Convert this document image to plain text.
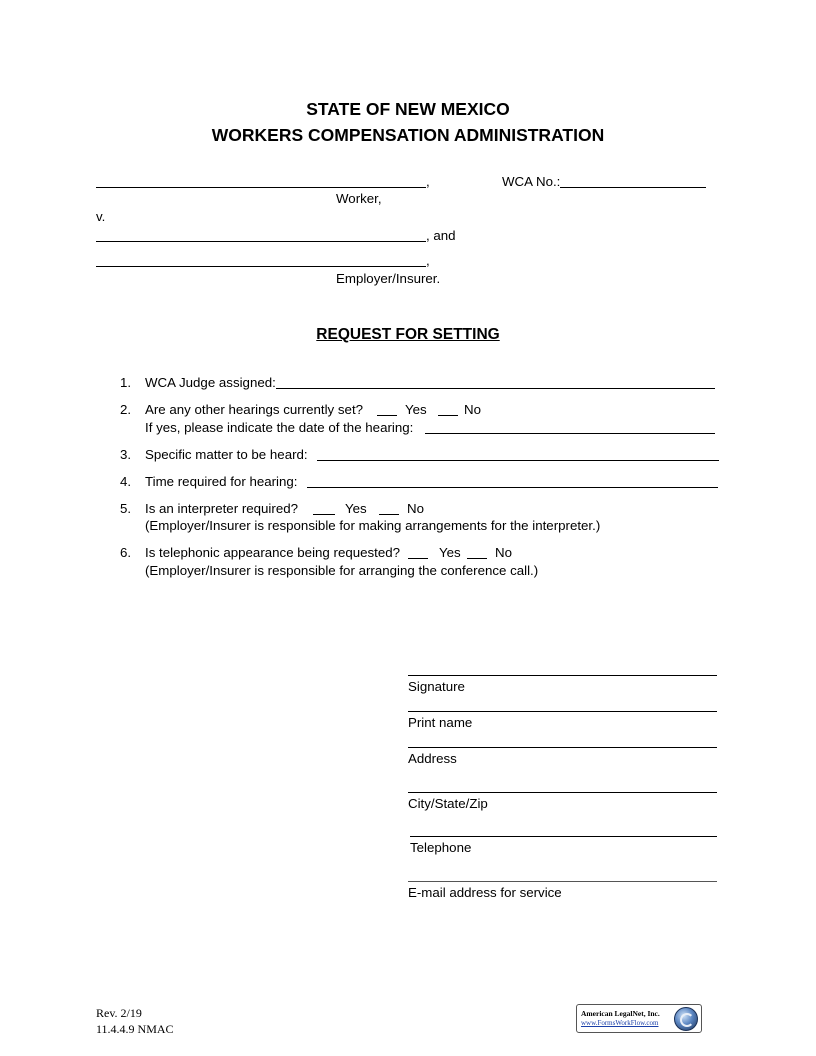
STATE OF NEW MEXICO
WORKERS COMPENSATION ADMINISTRATION
,	WCA No.:
Worker,
v.
, and
,
Employer/Insurer.
REQUEST FOR SETTING
1. WCA Judge assigned:
2. Are any other hearings currently set?	Yes	No
If yes, please indicate the date of the hearing:
3. Specific matter to be heard:
4. Time required for hearing:
5. Is an interpreter required?	Yes	No
(Employer/Insurer is responsible for making arrangements for the interpreter.)
6. Is telephonic appearance being requested?	Yes	No
(Employer/Insurer is responsible for arranging the conference call.)
Signature
Print name
Address
City/State/Zip
Telephone
E-mail address for service
Rev. 2/19
11.4.4.9 NMAC
American LegalNet, Inc.
www.FormsWorkFlow.com
